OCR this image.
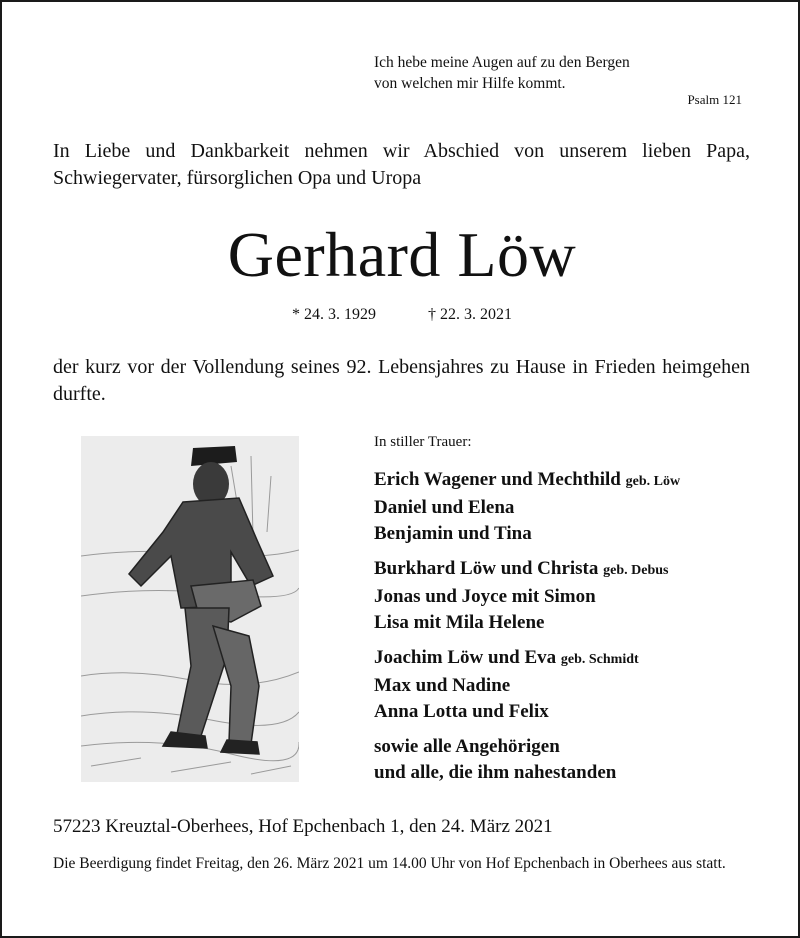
Ich hebe meine Augen auf zu den Bergen
von welchen mir Hilfe kommt.
Psalm 121
In Liebe und Dankbarkeit nehmen wir Abschied von unserem lieben Papa, Schwiegervater, fürsorglichen Opa und Uropa
Gerhard Löw
* 24. 3. 1929	† 22. 3. 2021
der kurz vor der Vollendung seines 92. Lebensjahres zu Hause in Frieden heimgehen durfte.
In stiller Trauer:
Erich Wagener und Mechthild geb. Löw
Daniel und Elena
Benjamin und Tina
Burkhard Löw und Christa geb. Debus
Jonas und Joyce mit Simon
Lisa mit Mila Helene
Joachim Löw und Eva geb. Schmidt
Max und Nadine
Anna Lotta und Felix
sowie alle Angehörigen
und alle, die ihm nahestanden
57223 Kreuztal-Oberhees, Hof Epchenbach 1, den 24. März 2021
Die Beerdigung findet Freitag, den 26. März 2021 um 14.00 Uhr von Hof Epchenbach in Oberhees aus statt.
